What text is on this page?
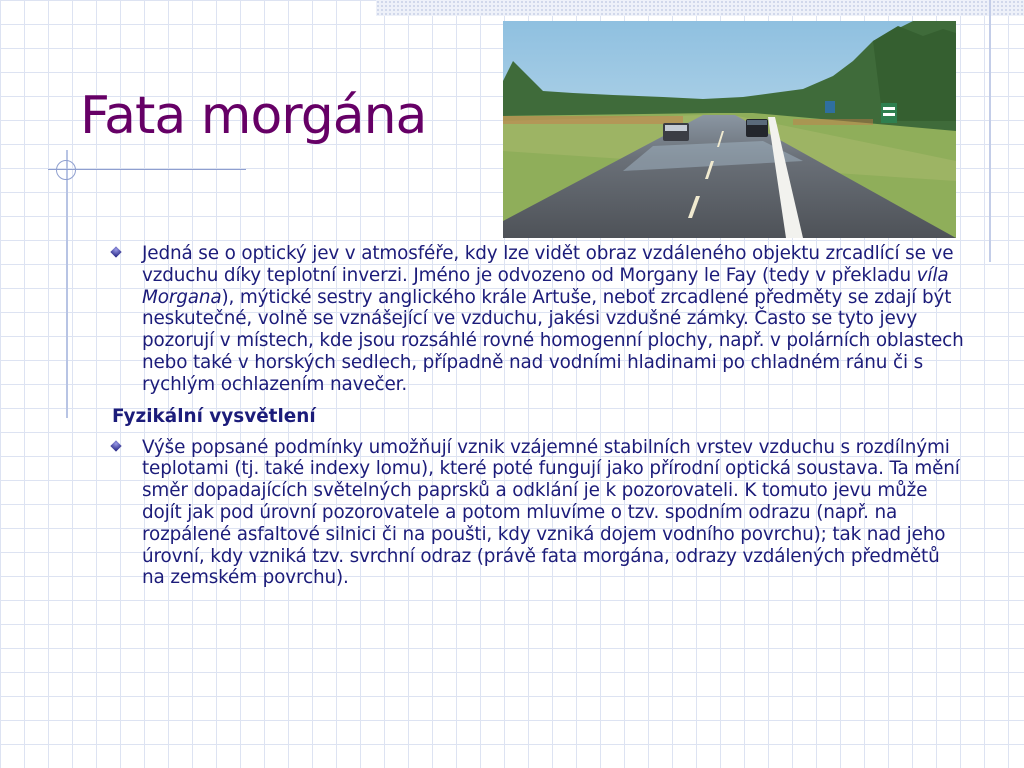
Fata morgána

Jedná se o optický jev v atmosféře, kdy lze vidět obraz vzdáleného objektu zrcadlící se ve vzduchu díky teplotní inverzi. Jméno je odvozeno od Morgany le Fay (tedy v překladu víla Morgana), mýtické sestry anglického krále Artuše, neboť zrcadlené předměty se zdají být neskutečné, volně se vznášející ve vzduchu, jakési vzdušné zámky. Často se tyto jevy pozorují v místech, kde jsou rozsáhlé rovné homogenní plochy, např. v polárních oblastech nebo také v horských sedlech, případně nad vodními hladinami po chladném ránu či s rychlým ochlazením navečer.

Fyzikální vysvětlení

Výše popsané podmínky umožňují vznik vzájemné stabilních vrstev vzduchu s rozdílnými teplotami (tj. také indexy lomu), které poté fungují jako přírodní optická soustava. Ta mění směr dopadajících světelných paprsků a odklání je k pozorovateli. K tomuto jevu může dojít jak pod úrovní pozorovatele a potom mluvíme o tzv. spodním odrazu (např. na rozpálené asfaltové silnici či na poušti, kdy vzniká dojem vodního povrchu); tak nad jeho úrovní, kdy vzniká tzv. svrchní odraz (právě fata morgána, odrazy vzdálených předmětů na zemském povrchu).
